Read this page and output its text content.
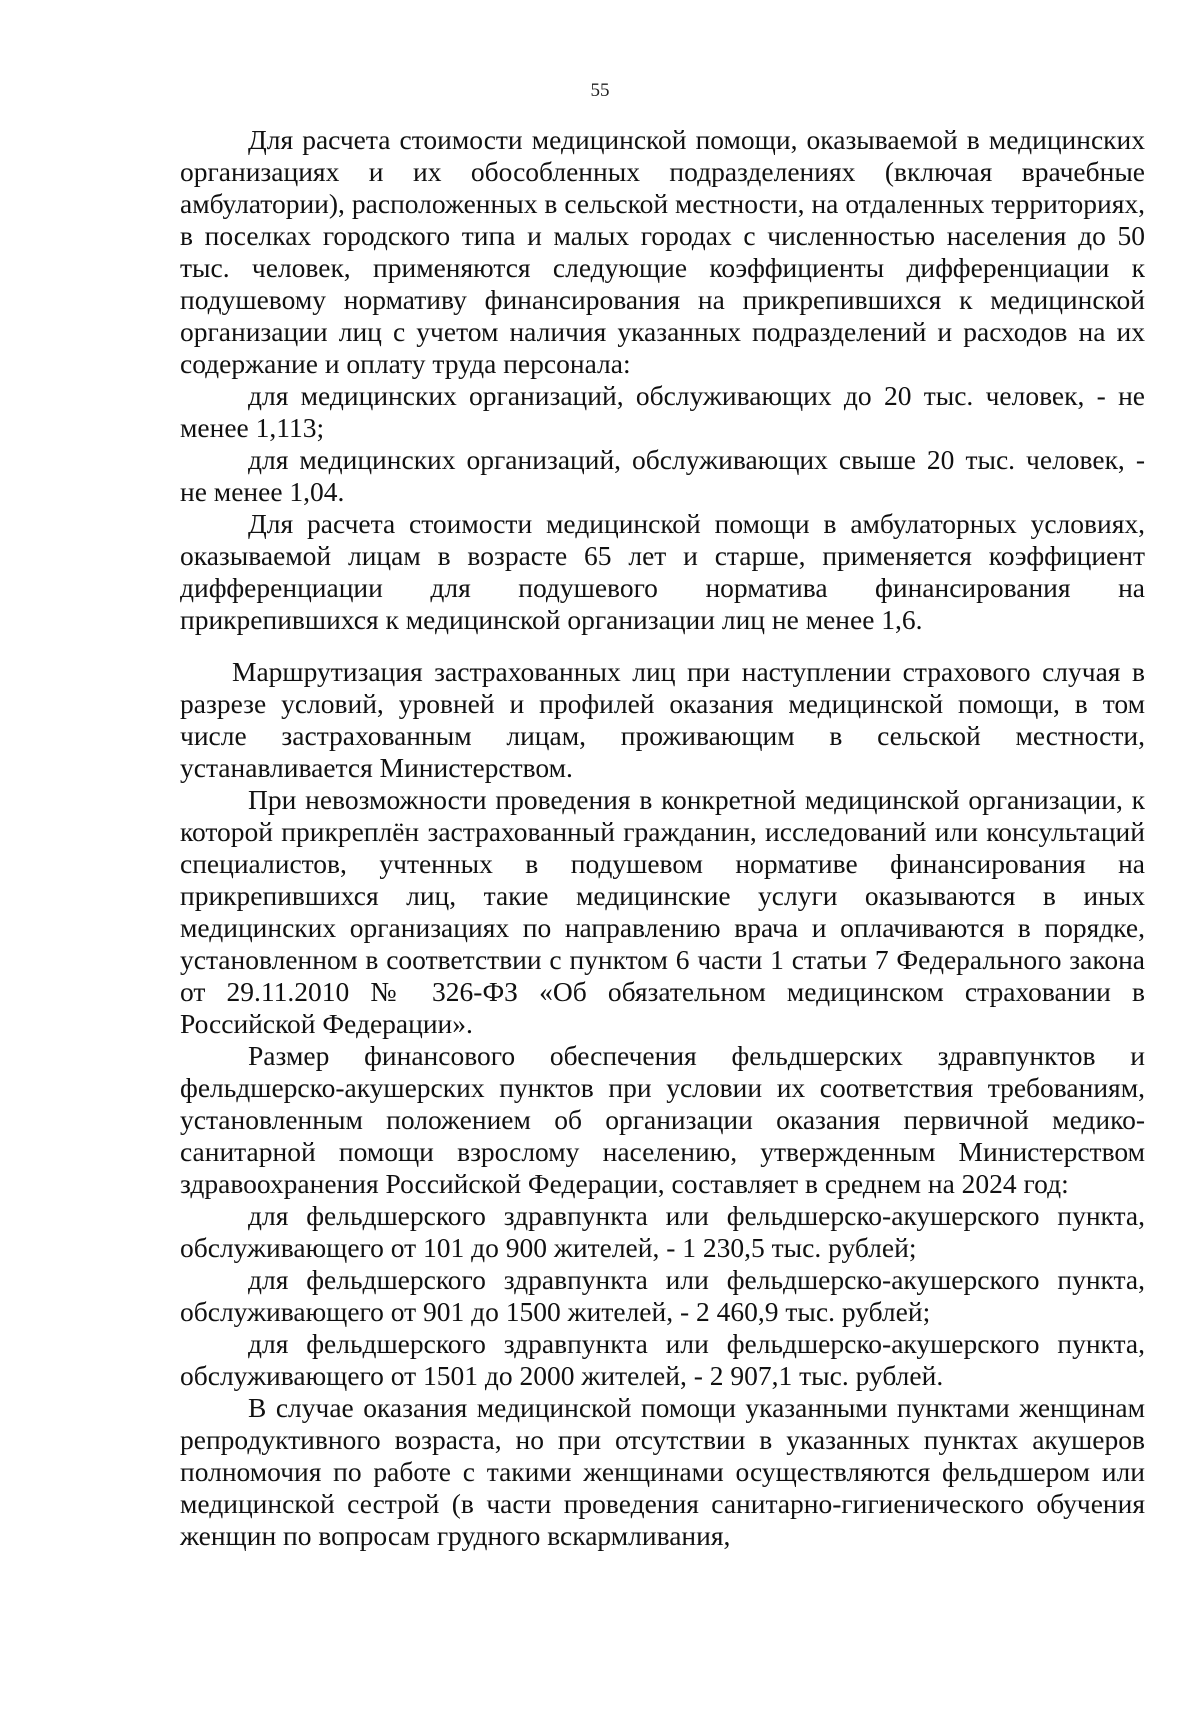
55

Для расчета стоимости медицинской помощи, оказываемой в медицинских организациях и их обособленных подразделениях (включая врачебные амбулатории), расположенных в сельской местности, на отдаленных территориях, в поселках городского типа и малых городах с численностью населения до 50 тыс. человек, применяются следующие коэффициенты дифференциации к подушевому нормативу финансирования на прикрепившихся к медицинской организации лиц с учетом наличия указанных подразделений и расходов на их содержание и оплату труда персонала:

для медицинских организаций, обслуживающих до 20 тыс. человек, - не менее 1,113;

для медицинских организаций, обслуживающих свыше 20 тыс. человек, - не менее 1,04.

Для расчета стоимости медицинской помощи в амбулаторных условиях, оказываемой лицам в возрасте 65 лет и старше, применяется коэффициент дифференциации для подушевого норматива финансирования на прикрепившихся к медицинской организации лиц не менее 1,6.

Маршрутизация застрахованных лиц при наступлении страхового случая в разрезе условий, уровней и профилей оказания медицинской помощи, в том числе застрахованным лицам, проживающим в сельской местности, устанавливается Министерством.

При невозможности проведения в конкретной медицинской организации, к которой прикреплён застрахованный гражданин, исследований или консультаций специалистов, учтенных в подушевом нормативе финансирования на прикрепившихся лиц, такие медицинские услуги оказываются в иных медицинских организациях по направлению врача и оплачиваются в порядке, установленном в соответствии с пунктом 6 части 1 статьи 7 Федерального закона от 29.11.2010 № 326-ФЗ «Об обязательном медицинском страховании в Российской Федерации».

Размер финансового обеспечения фельдшерских здравпунктов и фельдшерско-акушерских пунктов при условии их соответствия требованиям, установленным положением об организации оказания первичной медико-санитарной помощи взрослому населению, утвержденным Министерством здравоохранения Российской Федерации, составляет в среднем на 2024 год:

для фельдшерского здравпункта или фельдшерско-акушерского пункта, обслуживающего от 101 до 900 жителей, - 1 230,5 тыс. рублей;

для фельдшерского здравпункта или фельдшерско-акушерского пункта, обслуживающего от 901 до 1500 жителей, - 2 460,9 тыс. рублей;

для фельдшерского здравпункта или фельдшерско-акушерского пункта, обслуживающего от 1501 до 2000 жителей, - 2 907,1 тыс. рублей.

В случае оказания медицинской помощи указанными пунктами женщинам репродуктивного возраста, но при отсутствии в указанных пунктах акушеров полномочия по работе с такими женщинами осуществляются фельдшером или медицинской сестрой (в части проведения санитарно-гигиенического обучения женщин по вопросам грудного вскармливания,
